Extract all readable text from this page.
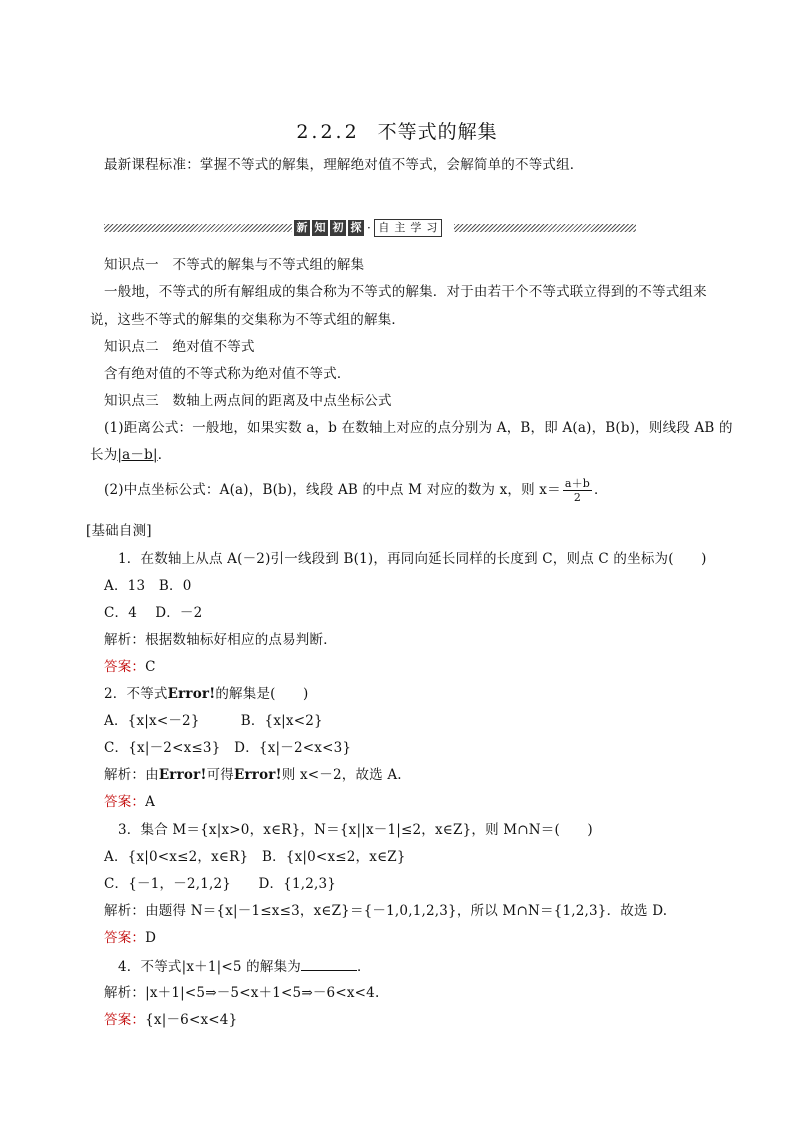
2.2.2 不等式的解集
最新课程标准：掌握不等式的解集，理解绝对值不等式，会解简单的不等式组．
新 知 初 探 · 自 主 学 习
知识点一　不等式的解集与不等式组的解集
一般地，不等式的所有解组成的集合称为不等式的解集．对于由若干个不等式联立得到的不等式组来
说，这些不等式的解集的交集称为不等式组的解集．
知识点二　绝对值不等式
含有绝对值的不等式称为绝对值不等式．
知识点三　数轴上两点间的距离及中点坐标公式
(1)距离公式：一般地，如果实数 a，b 在数轴上对应的点分别为 A，B，即 A(a)，B(b)，则线段 AB 的
长为|a－b|．
(2)中点坐标公式：A(a)，B(b)，线段 AB 的中点 M 对应的数为 x，则 $x= \frac{a+b}{2}$ ．
[基础自测]
1．在数轴上从点 A(－2)引一线段到 B(1)，再同向延长同样的长度到 C，则点 C 的坐标为(　　)
A．13　B．0
C．4　 D．－2
解析：根据数轴标好相应的点易判断．
答案：C
2．不等式Error!的解集是(　　)
A．{x|x<－2}　　　B．{x|x<2}
C．{x|－2<x≤3}　D．{x|－2<x<3}
解析：由Error!可得Error!则 x<－2，故选 A.
答案：A
3．集合 M＝{x|x>0，x∈R}，N＝{x||x－1|≤2，x∈Z}，则 M∩N＝(　　)
A．{x|0<x≤2，x∈R}　B．{x|0<x≤2，x∈Z}
C．{－1，－2,1,2}　　D．{1,2,3}
解析：由题得 N＝{x|－1≤x≤3，x∈Z}＝{－1,0,1,2,3}，所以 M∩N＝{1,2,3}．故选 D.
答案：D
4．不等式|x＋1|<5 的解集为	．
解析：|x＋1|<5⇒－5<x＋1<5⇒－6<x<4.
答案：{x|－6<x<4}
